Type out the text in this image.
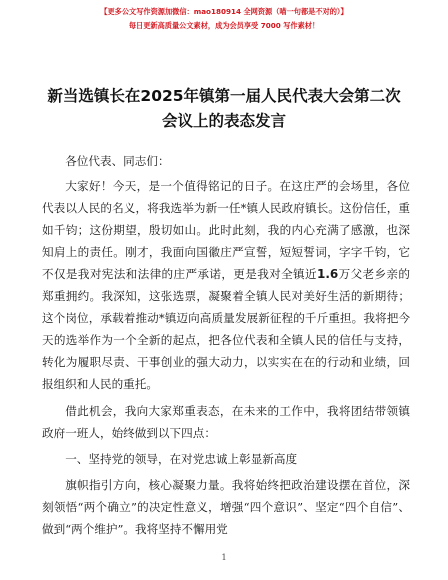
【更多公文写作资源加微信：mao180914 全网资源（喵一句都是不对的）】
每日更新高质量公文素材，成为会员享受 7000 写作素材！
新当选镇长在2025年镇第一届人民代表大会第二次会议上的表态发言

各位代表、同志们：

大家好！今天，是一个值得铭记的日子。在这庄严的会场里，各位代表以人民的名义，将我选举为新一任*镇人民政府镇长。这份信任，重如千钧；这份期望，殷切如山。此时此刻，我的内心充满了感激，也深知肩上的责任。刚才，我面向国徽庄严宣誓，短短誓词，字字千钧，它不仅是我对宪法和法律的庄严承诺，更是我对全镇近1.6万父老乡亲的郑重拥约。我深知，这张选票，凝聚着全镇人民对美好生活的新期待；这个岗位，承载着推动*镇迈向高质量发展新征程的千斤重担。我将把今天的选举作为一个全新的起点，把各位代表和全镇人民的信任与支持，转化为履职尽责、干事创业的强大动力，以实实在在的行动和业绩，回报组织和人民的重托。

借此机会，我向大家郑重表态，在未来的工作中，我将团结带领镇政府一班人，始终做到以下四点：

一、坚持党的领导，在对党忠诚上彰显新高度

旗帜指引方向，核心凝聚力量。我将始终把政治建设摆在首位，深刻领悟“两个确立”的决定性意义，增强“四个意识”、坚定“四个自信”、做到“两个维护”。我将坚持不懈用党

1
